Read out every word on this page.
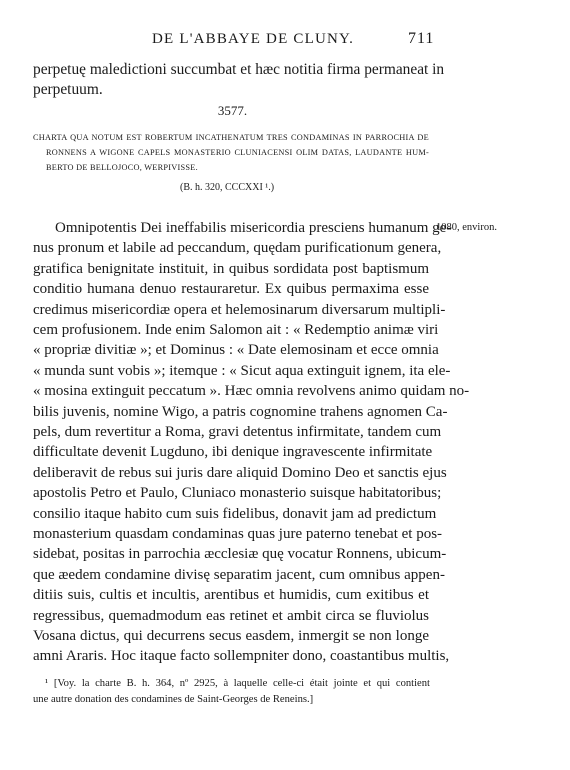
DE L'ABBAYE DE CLUNY.	711
perpetuę maledictioni succumbat et hæc notitia firma permaneat in
perpetuum.
3577.
CHARTA QUA NOTUM EST ROBERTUM INCATHENATUM TRES CONDAMINAS IN PARROCHIA DE
RONNENS A WIGONE CAPELS MONASTERIO CLUNIACENSI OLIM DATAS, LAUDANTE HUM-
BERTO DE BELLOJOCO, WERPIVISSE.
(B. h. 320, CCCXXI ¹.)
1080, environ.
Omnipotentis Dei ineffabilis misericordia presciens humanum ge-
nus pronum et labile ad peccandum, quędam purificationum genera,
gratifica benignitate instituit, in quibus sordidata post baptismum
conditio humana denuo restauraretur. Ex quibus permaxima esse
credimus misericordiæ opera et helemosinarum diversarum multipli-
cem profusionem. Inde enim Salomon ait : « Redemptio animæ viri
« propriæ divitiæ »; et Dominus : « Date elemosinam et ecce omnia
« munda sunt vobis »; itemque : « Sicut aqua extinguit ignem, ita ele-
« mosina extinguit peccatum ». Hæc omnia revolvens animo quidam no-
bilis juvenis, nomine Wigo, a patris cognomine trahens agnomen Ca-
pels, dum revertitur a Roma, gravi detentus infirmitate, tandem cum
difficultate devenit Lugduno, ibi denique ingravescente infirmitate
deliberavit de rebus sui juris dare aliquid Domino Deo et sanctis ejus
apostolis Petro et Paulo, Cluniaco monasterio suisque habitatoribus;
consilio itaque habito cum suis fidelibus, donavit jam ad predictum
monasterium quasdam condaminas quas jure paterno tenebat et pos-
sidebat, positas in parrochia æcclesiæ quę vocatur Ronnens, ubicum-
que æedem condamine divisę separatim jacent, cum omnibus appen-
ditiis suis, cultis et incultis, arentibus et humidis, cum exitibus et
regressibus, quemadmodum eas retinet et ambit circa se fluviolus
Vosana dictus, qui decurrens secus easdem, inmergit se non longe
amni Araris. Hoc itaque facto sollempniter dono, coastantibus multis,
¹ [Voy. la charte B. h. 364, nº 2925, à laquelle celle-ci était jointe et qui contient
une autre donation des condamines de Saint-Georges de Reneins.]
